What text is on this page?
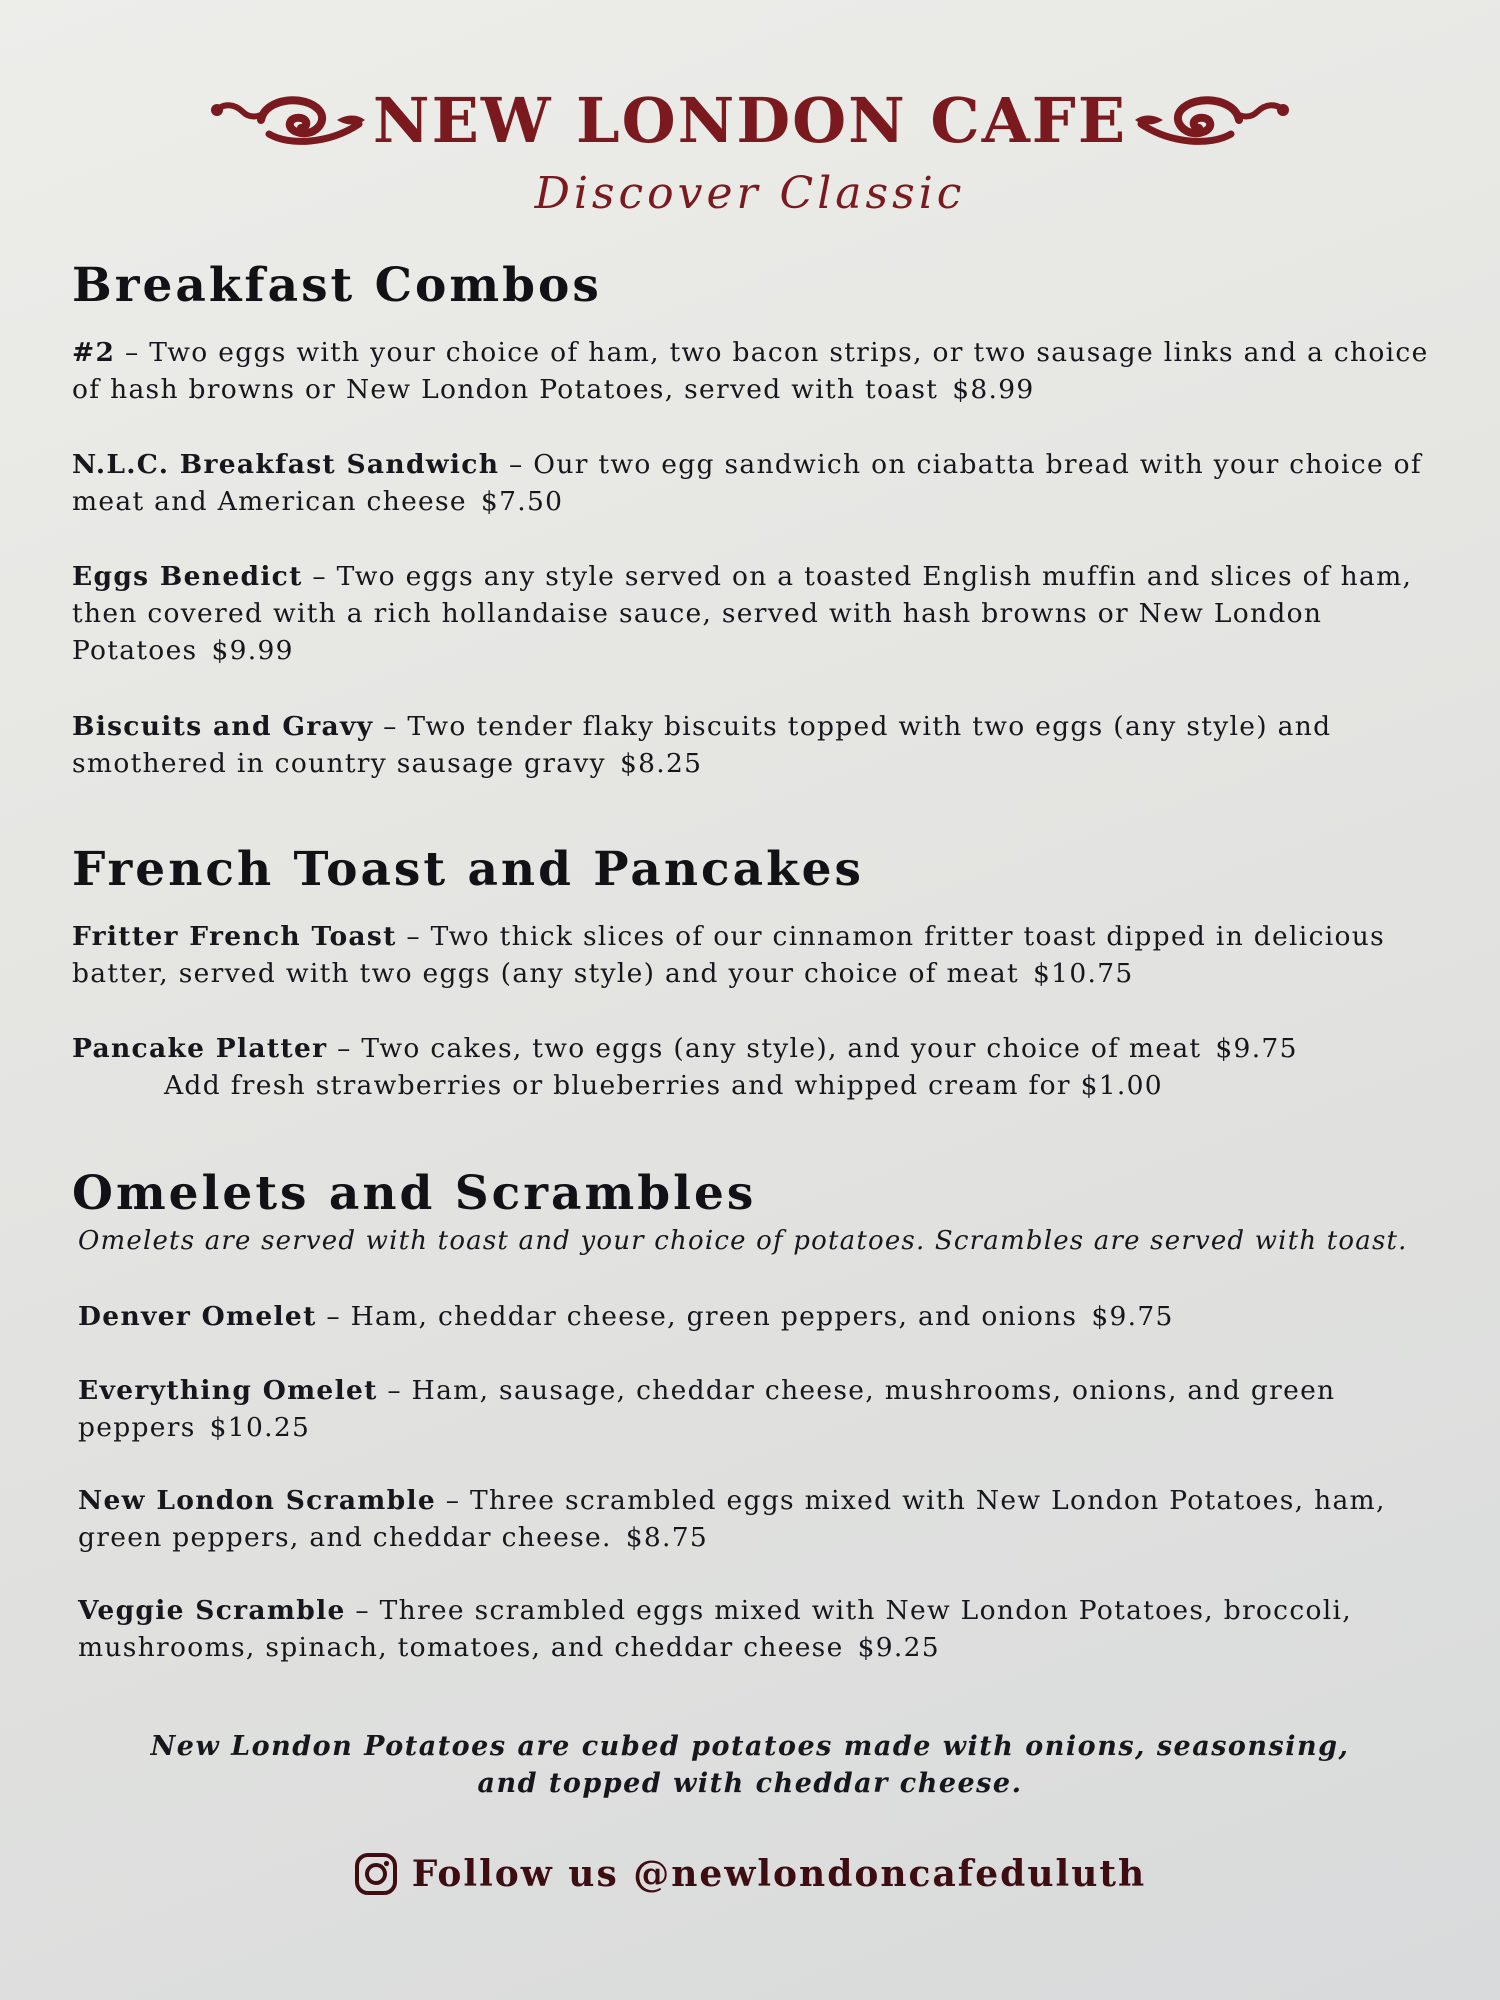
NEW LONDON CAFE
Discover Classic
Breakfast Combos
#2 – Two eggs with your choice of ham, two bacon strips, or two sausage links and a choice of hash browns or New London Potatoes, served with toast $8.99
N.L.C. Breakfast Sandwich – Our two egg sandwich on ciabatta bread with your choice of meat and American cheese $7.50
Eggs Benedict – Two eggs any style served on a toasted English muffin and slices of ham, then covered with a rich hollandaise sauce, served with hash browns or New London Potatoes $9.99
Biscuits and Gravy – Two tender flaky biscuits topped with two eggs (any style) and smothered in country sausage gravy $8.25
French Toast and Pancakes
Fritter French Toast – Two thick slices of our cinnamon fritter toast dipped in delicious batter, served with two eggs (any style) and your choice of meat $10.75
Pancake Platter – Two cakes, two eggs (any style), and your choice of meat $9.75
Add fresh strawberries or blueberries and whipped cream for $1.00
Omelets and Scrambles
Omelets are served with toast and your choice of potatoes. Scrambles are served with toast.
Denver Omelet – Ham, cheddar cheese, green peppers, and onions $9.75
Everything Omelet – Ham, sausage, cheddar cheese, mushrooms, onions, and green peppers $10.25
New London Scramble – Three scrambled eggs mixed with New London Potatoes, ham, green peppers, and cheddar cheese. $8.75
Veggie Scramble – Three scrambled eggs mixed with New London Potatoes, broccoli, mushrooms, spinach, tomatoes, and cheddar cheese $9.25
New London Potatoes are cubed potatoes made with onions, seasonsing,
and topped with cheddar cheese.
Follow us @newlondoncafeduluth
